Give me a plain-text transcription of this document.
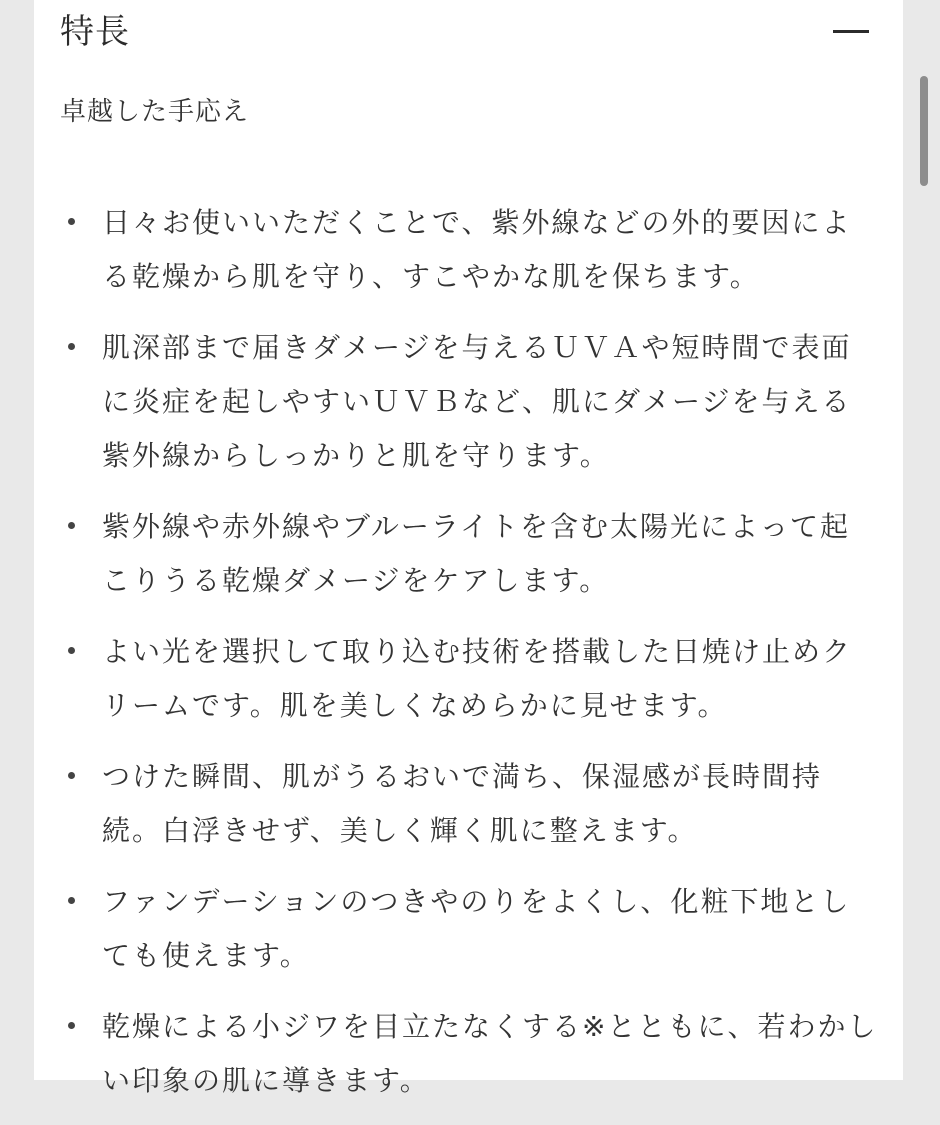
特長
卓越した手応え
日々お使いいただくことで、紫外線などの外的要因による乾燥から肌を守り、すこやかな肌を保ちます。
肌深部まで届きダメージを与えるＵＶＡや短時間で表面に炎症を起しやすいＵＶＢなど、肌にダメージを与える紫外線からしっかりと肌を守ります。
紫外線や赤外線やブルーライトを含む太陽光によって起こりうる乾燥ダメージをケアします。
よい光を選択して取り込む技術を搭載した日焼け止めクリームです。肌を美しくなめらかに見せます。
つけた瞬間、肌がうるおいで満ち、保湿感が長時間持続。白浮きせず、美しく輝く肌に整えます。
ファンデーションのつきやのりをよくし、化粧下地としても使えます。
乾燥による小ジワを目立たなくする※とともに、若わかしい印象の肌に導きます。
